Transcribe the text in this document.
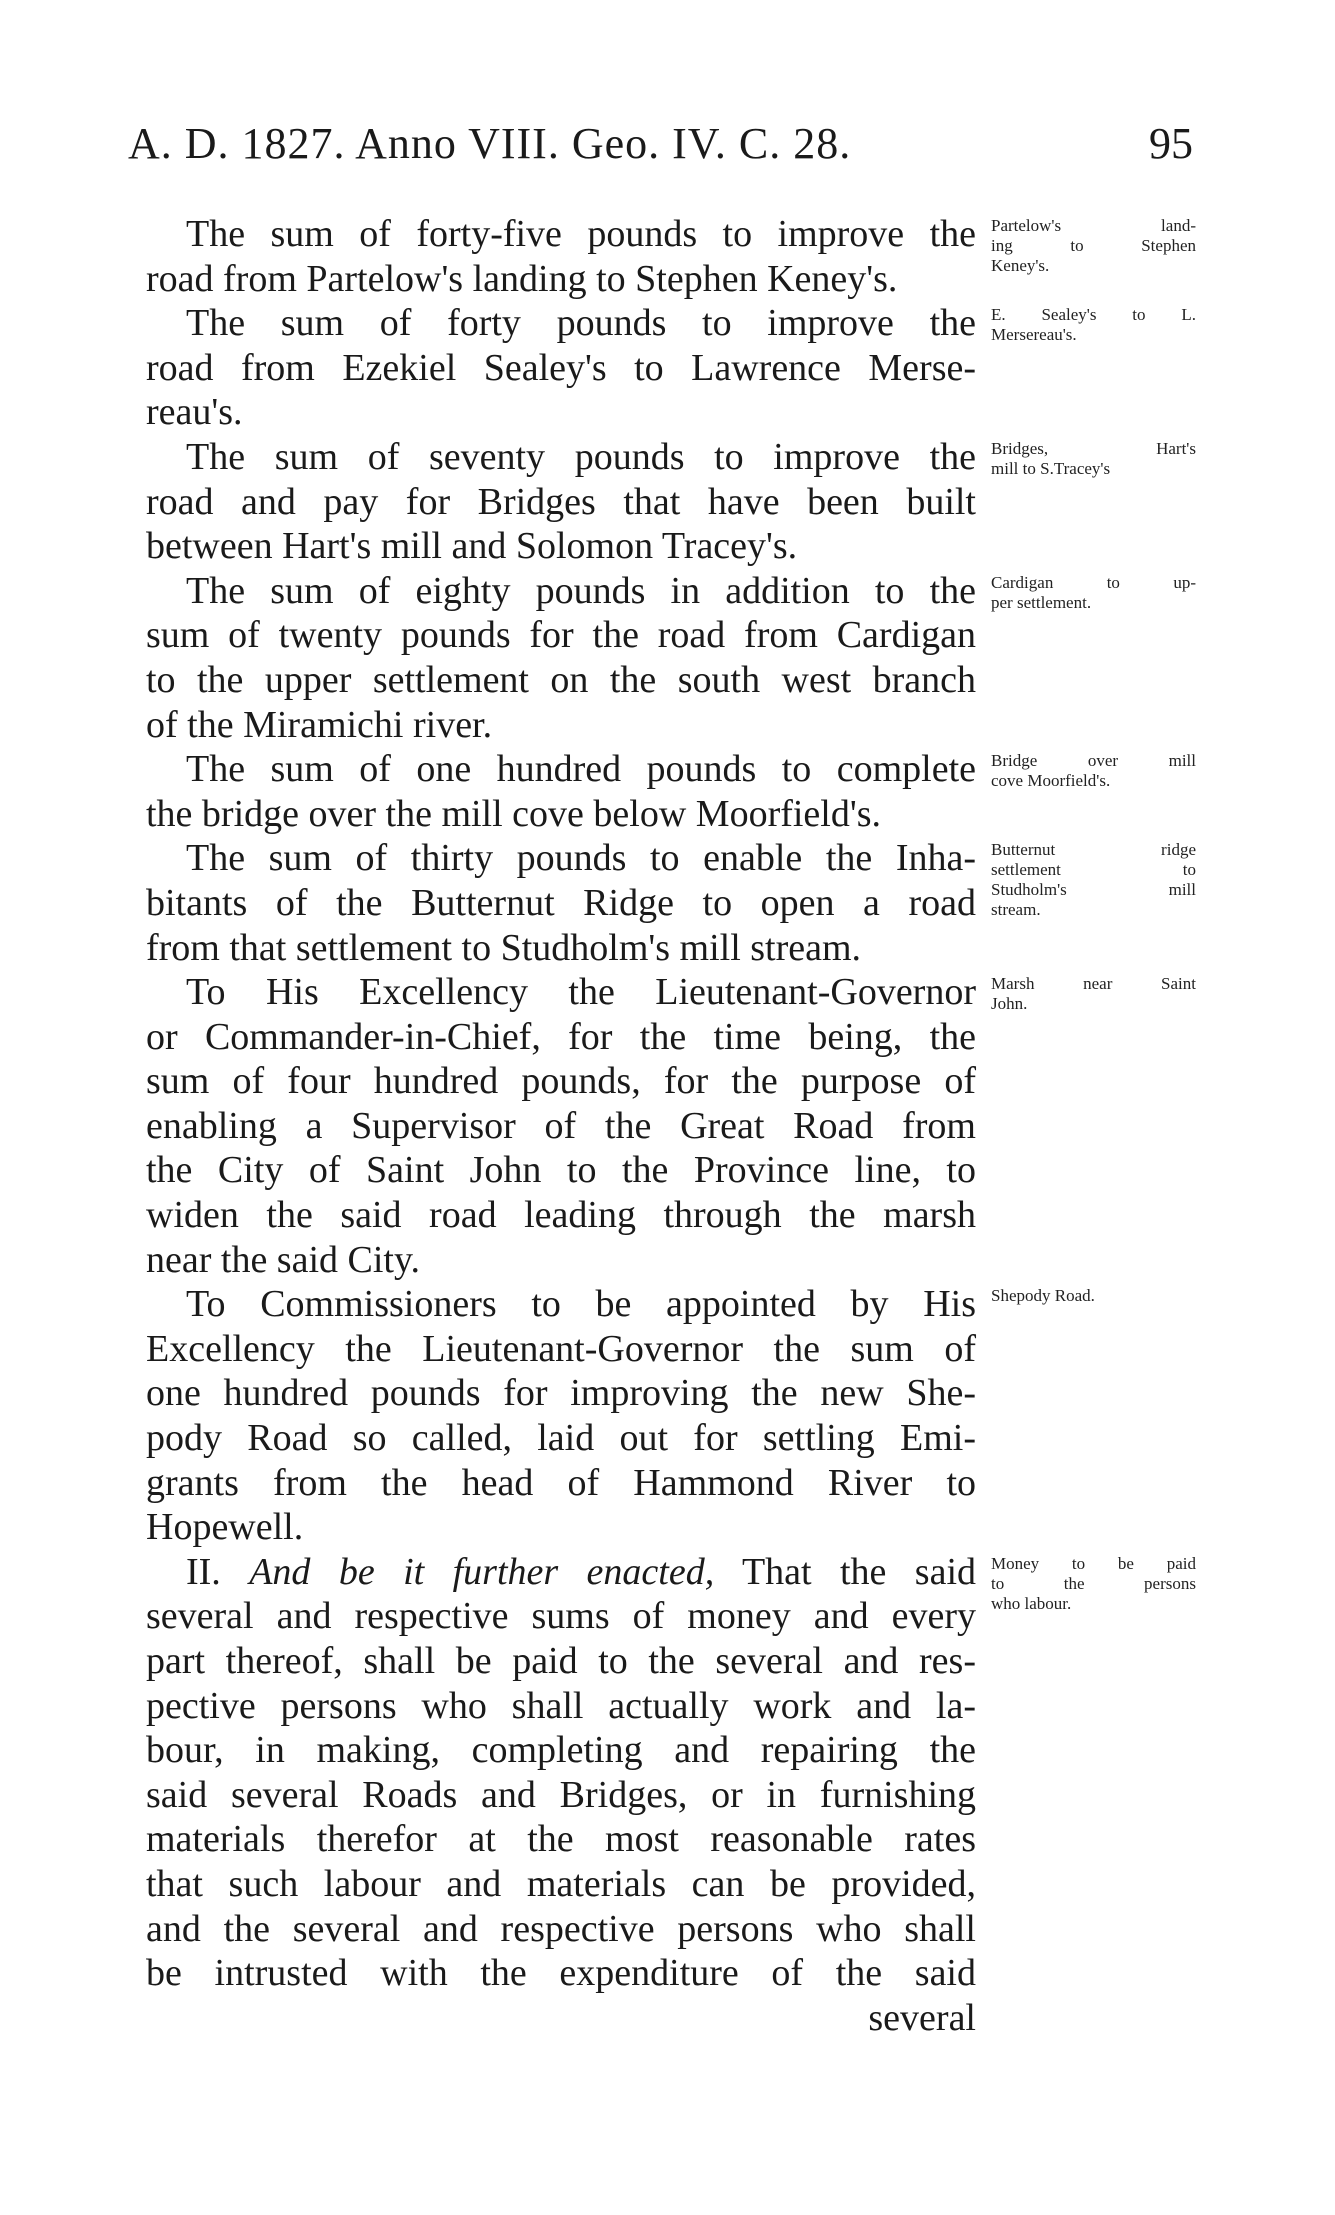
A. D. 1827. Anno VIII. Geo. IV. C. 28.	95
The sum of forty-five pounds to improve the
road from Partelow's landing to Stephen Keney's.
Partelow's land-
ing to Stephen
Keney's.
The sum of forty pounds to improve the
road from Ezekiel Sealey's to Lawrence Merse-
reau's.
E. Sealey's to L.
Mersereau's.
The sum of seventy pounds to improve the
road and pay for Bridges that have been built
between Hart's mill and Solomon Tracey's.
Bridges, Hart's
mill to S.Tracey's
The sum of eighty pounds in addition to the
sum of twenty pounds for the road from Cardigan
to the upper settlement on the south west branch
of the Miramichi river.
Cardigan to up-
per settlement.
The sum of one hundred pounds to complete
the bridge over the mill cove below Moorfield's.
Bridge over mill
cove Moorfield's.
The sum of thirty pounds to enable the Inha-
bitants of the Butternut Ridge to open a road
from that settlement to Studholm's mill stream.
Butternut ridge
settlement to
Studholm's mill
stream.
To His Excellency the Lieutenant-Governor
or Commander-in-Chief, for the time being, the
sum of four hundred pounds, for the purpose of
enabling a Supervisor of the Great Road from
the City of Saint John to the Province line, to
widen the said road leading through the marsh
near the said City.
Marsh near Saint
John.
To Commissioners to be appointed by His
Excellency the Lieutenant-Governor the sum of
one hundred pounds for improving the new She-
pody Road so called, laid out for settling Emi-
grants from the head of Hammond River to
Hopewell.
Shepody Road.
II. And be it further enacted, That the said
several and respective sums of money and every
part thereof, shall be paid to the several and res-
pective persons who shall actually work and la-
bour, in making, completing and repairing the
said several Roads and Bridges, or in furnishing
materials therefor at the most reasonable rates
that such labour and materials can be provided,
and the several and respective persons who shall
be intrusted with the expenditure of the said
Money to be paid
to the persons
who labour.
several
